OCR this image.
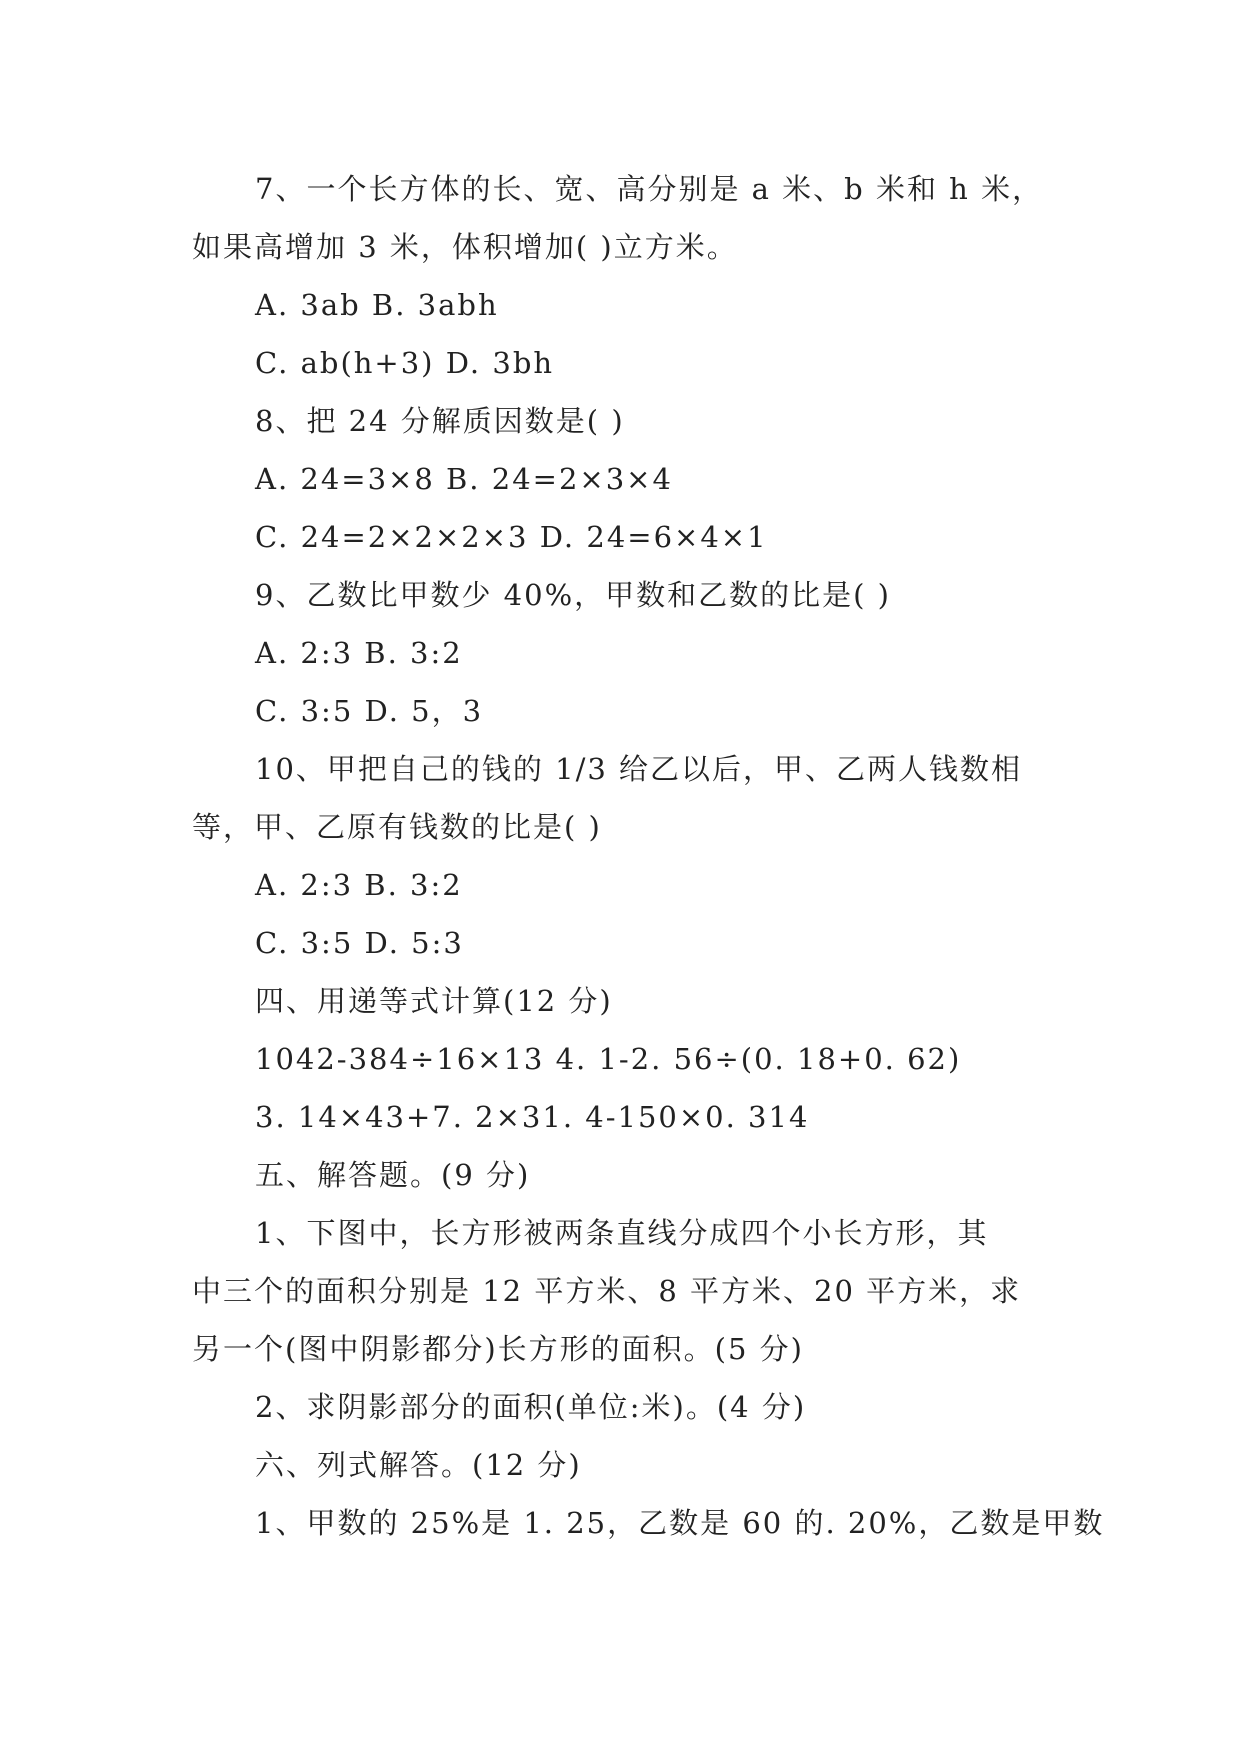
7、一个长方体的长、宽、高分别是 a 米、b 米和 h 米，
如果高增加 3 米，体积增加( )立方米。
A. 3ab B. 3abh
C. ab(h+3) D. 3bh
8、把 24 分解质因数是( )
A. 24=3×8 B. 24=2×3×4
C. 24=2×2×2×3 D. 24=6×4×1
9、乙数比甲数少 40%，甲数和乙数的比是( )
A. 2:3 B. 3:2
C. 3:5 D. 5，3
10、甲把自己的钱的 1/3 给乙以后，甲、乙两人钱数相
等，甲、乙原有钱数的比是( )
A. 2:3 B. 3:2
C. 3:5 D. 5:3
四、用递等式计算(12 分)
1042-384÷16×13 4. 1-2. 56÷(0. 18+0. 62)
3. 14×43+7. 2×31. 4-150×0. 314
五、解答题。(9 分)
1、下图中，长方形被两条直线分成四个小长方形，其
中三个的面积分别是 12 平方米、8 平方米、20 平方米，求
另一个(图中阴影都分)长方形的面积。(5 分)
2、求阴影部分的面积(单位:米)。(4 分)
六、列式解答。(12 分)
1、甲数的 25%是 1. 25，乙数是 60 的. 20%，乙数是甲数
